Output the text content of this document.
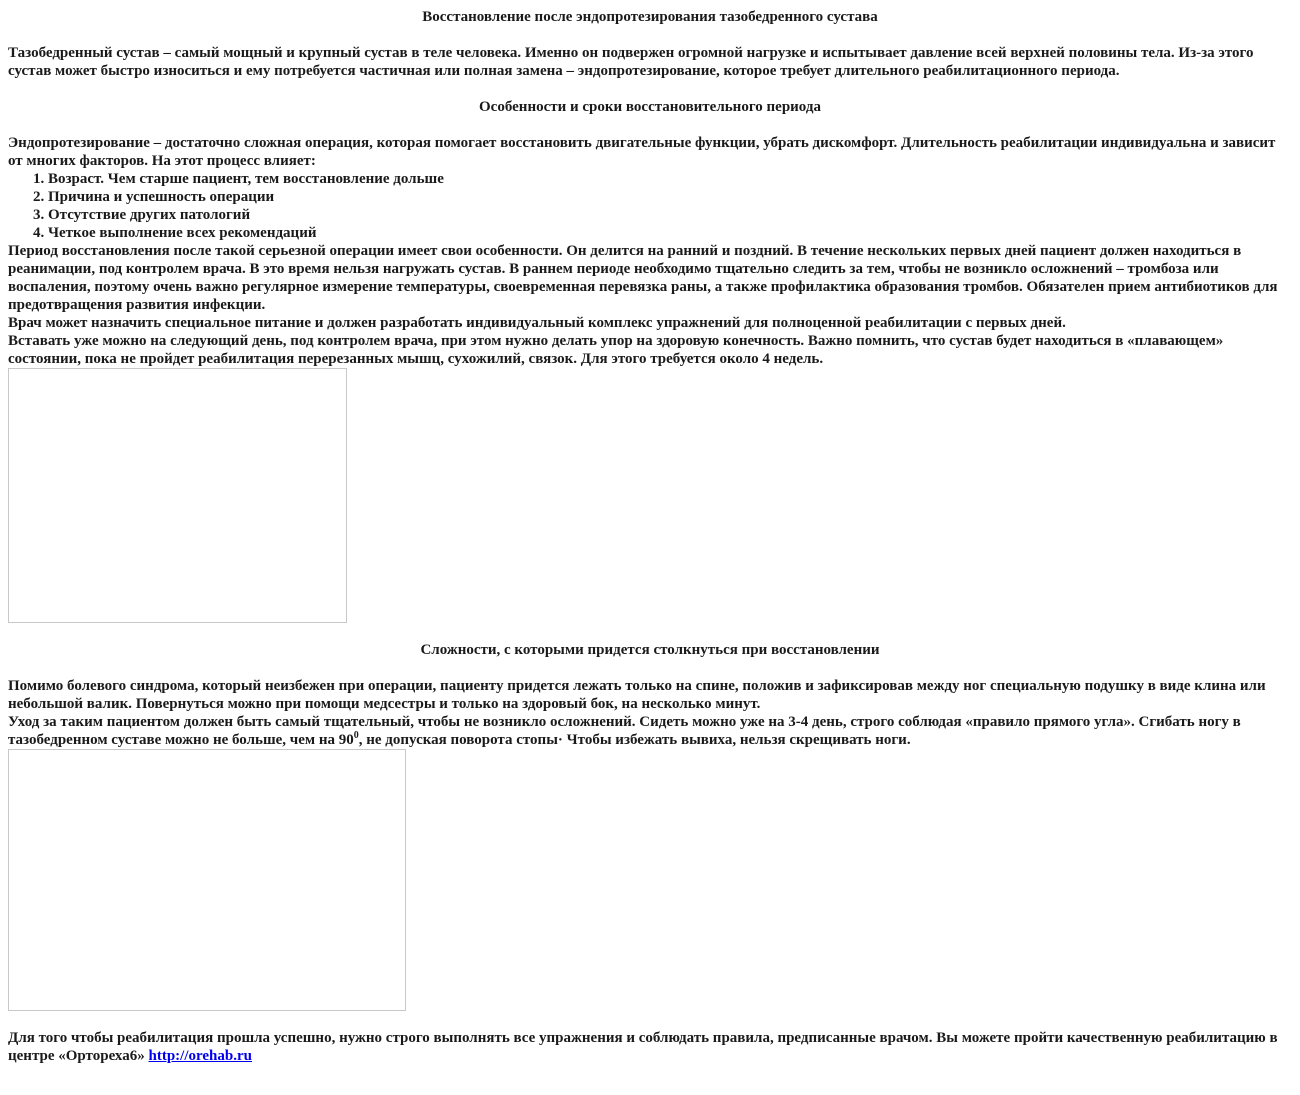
Восстановление после эндопротезирования тазобедренного сустава

Тазобедренный сустав – самый мощный и крупный сустав в теле человека. Именно он подвержен огромной нагрузке и испытывает давление всей верхней половины тела. Из-за этого сустав может быстро износиться и ему потребуется частичная или полная замена – эндопротезирование, которое требует длительного реабилитационного периода.

Особенности и сроки восстановительного периода

Эндопротезирование – достаточно сложная операция, которая помогает восстановить двигательные функции, убрать дискомфорт. Длительность реабилитации индивидуальна и зависит от многих факторов. На этот процесс влияет:

1. Возраст. Чем старше пациент, тем восстановление дольше
2. Причина и успешность операции
3. Отсутствие других патологий
4. Четкое выполнение всех рекомендаций

Период восстановления после такой серьезной операции имеет свои особенности. Он делится на ранний и поздний. В течение нескольких первых дней пациент должен находиться в реанимации, под контролем врача. В это время нельзя нагружать сустав. В раннем периоде необходимо тщательно следить за тем, чтобы не возникло осложнений – тромбоза или воспаления, поэтому очень важно регулярное измерение температуры, своевременная перевязка раны, а также профилактика образования тромбов. Обязателен прием антибиотиков для предотвращения развития инфекции.

Врач может назначить специальное питание и должен разработать индивидуальный комплекс упражнений для полноценной реабилитации с первых дней.

Вставать уже можно на следующий день, под контролем врача, при этом нужно делать упор на здоровую конечность. Важно помнить, что сустав будет находиться в «плавающем» состоянии, пока не пройдет реабилитация перерезанных мышц, сухожилий, связок. Для этого требуется около 4 недель.

Сложности, с которыми придется столкнуться при восстановлении

Помимо болевого синдрома, который неизбежен при операции, пациенту придется лежать только на спине, положив и зафиксировав между ног специальную подушку в виде клина или небольшой валик. Повернуться можно при помощи медсестры и только на здоровый бок, на несколько минут.

Уход за таким пациентом должен быть самый тщательный, чтобы не возникло осложнений. Сидеть можно уже на 3-4 день, строго соблюдая «правило прямого угла». Сгибать ногу в тазобедренном суставе можно не больше, чем на $90^0$, не допуская поворота стопы· Чтобы избежать вывиха, нельзя скрещивать ноги.

Для того чтобы реабилитация прошла успешно, нужно строго выполнять все упражнения и соблюдать правила, предписанные врачом. Вы можете пройти качественную реабилитацию в центре «Ортореха6» http://orehab.ru
